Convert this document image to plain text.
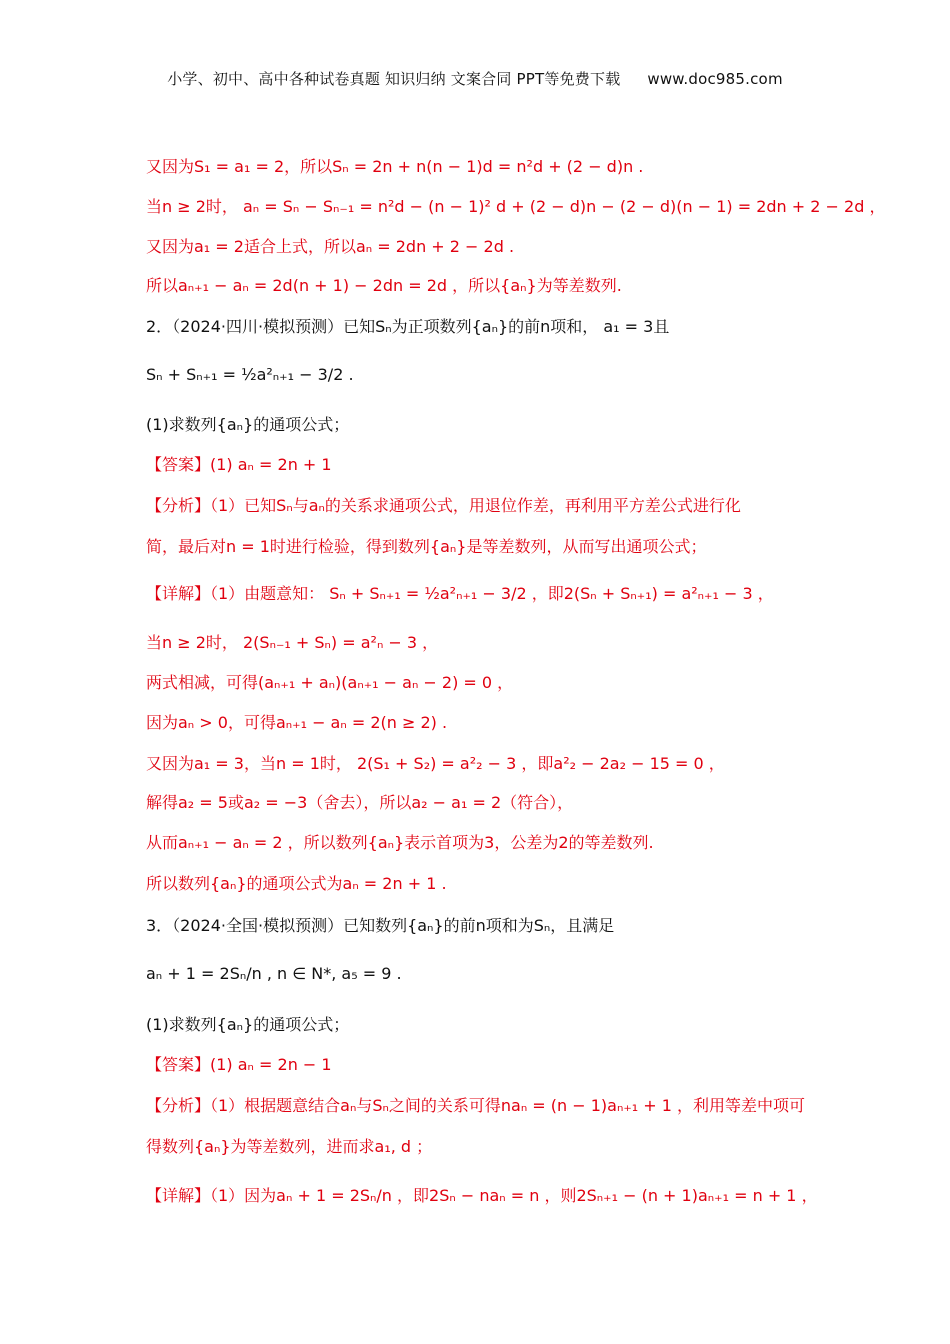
小学、初中、高中各种试卷真题 知识归纳 文案合同 PPT等免费下载 www.doc985.com
又因为S₁ = a₁ = 2，所以Sₙ = 2n + n(n − 1)d = n²d + (2 − d)n .
当n ≥ 2时， aₙ = Sₙ − Sₙ₋₁ = n²d − (n − 1)² d + (2 − d)n − (2 − d)(n − 1) = 2dn + 2 − 2d ，
又因为a₁ = 2适合上式，所以aₙ = 2dn + 2 − 2d .
所以aₙ₊₁ − aₙ = 2d(n + 1) − 2dn = 2d ，所以{aₙ}为等差数列.
2．（2024·四川·模拟预测）已知Sₙ为正项数列{aₙ}的前n项和， a₁ = 3且
Sₙ + Sₙ₊₁ = ½a²ₙ₊₁ − 3/2 .
(1)求数列{aₙ}的通项公式；
【答案】(1) aₙ = 2n + 1
【分析】（1）已知Sₙ与aₙ的关系求通项公式，用退位作差，再利用平方差公式进行化
简，最后对n = 1时进行检验，得到数列{aₙ}是等差数列，从而写出通项公式；
【详解】（1）由题意知： Sₙ + Sₙ₊₁ = ½a²ₙ₊₁ − 3/2 ，即2(Sₙ + Sₙ₊₁) = a²ₙ₊₁ − 3 ，
当n ≥ 2时， 2(Sₙ₋₁ + Sₙ) = a²ₙ − 3 ，
两式相减，可得(aₙ₊₁ + aₙ)(aₙ₊₁ − aₙ − 2) = 0 ，
因为aₙ > 0，可得aₙ₊₁ − aₙ = 2(n ≥ 2) .
又因为a₁ = 3，当n = 1时， 2(S₁ + S₂) = a²₂ − 3 ，即a²₂ − 2a₂ − 15 = 0 ，
解得a₂ = 5或a₂ = −3（舍去），所以a₂ − a₁ = 2（符合），
从而aₙ₊₁ − aₙ = 2 ，所以数列{aₙ}表示首项为3，公差为2的等差数列.
所以数列{aₙ}的通项公式为aₙ = 2n + 1 .
3．（2024·全国·模拟预测）已知数列{aₙ}的前n项和为Sₙ，且满足
aₙ + 1 = 2Sₙ/n , n ∈ N*, a₅ = 9 .
(1)求数列{aₙ}的通项公式；
【答案】(1) aₙ = 2n − 1
【分析】（1）根据题意结合aₙ与Sₙ之间的关系可得naₙ = (n − 1)aₙ₊₁ + 1 ，利用等差中项可
得数列{aₙ}为等差数列，进而求a₁, d ；
【详解】（1）因为aₙ + 1 = 2Sₙ/n ，即2Sₙ − naₙ = n ，则2Sₙ₊₁ − (n + 1)aₙ₊₁ = n + 1 ，
